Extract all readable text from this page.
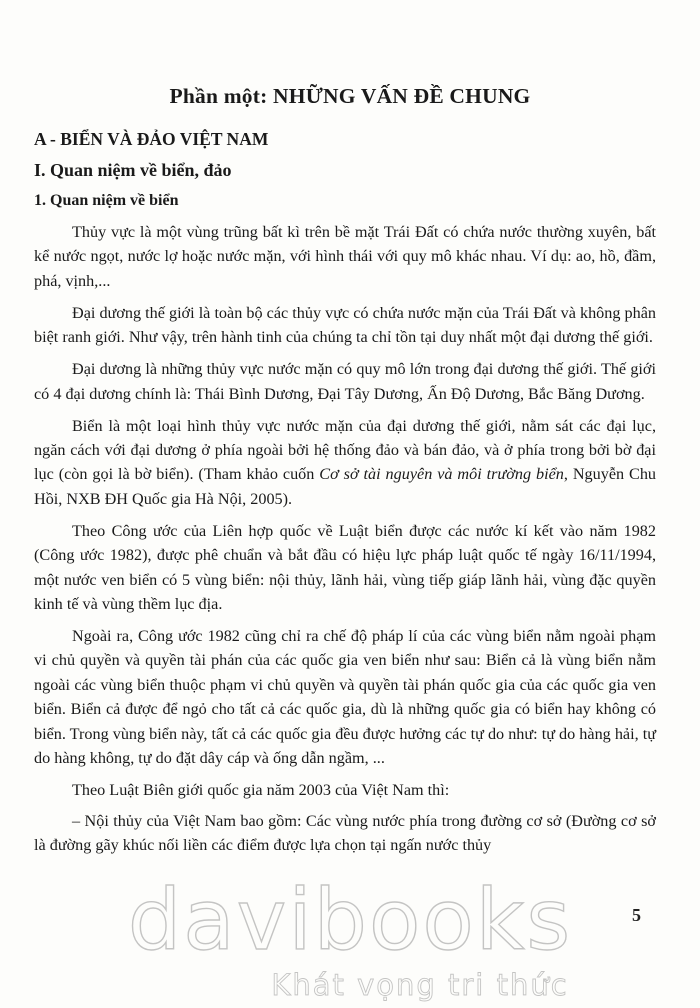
Phần một: NHỮNG VẤN ĐỀ CHUNG
A - BIỂN VÀ ĐẢO VIỆT NAM
I. Quan niệm về biển, đảo
1. Quan niệm về biển

Thủy vực là một vùng trũng bất kì trên bề mặt Trái Đất có chứa nước thường xuyên, bất kể nước ngọt, nước lợ hoặc nước mặn, với hình thái với quy mô khác nhau. Ví dụ: ao, hồ, đầm, phá, vịnh,...

Đại dương thế giới là toàn bộ các thủy vực có chứa nước mặn của Trái Đất và không phân biệt ranh giới. Như vậy, trên hành tinh của chúng ta chỉ tồn tại duy nhất một đại dương thế giới.

Đại dương là những thủy vực nước mặn có quy mô lớn trong đại dương thế giới. Thế giới có 4 đại dương chính là: Thái Bình Dương, Đại Tây Dương, Ấn Độ Dương, Bắc Băng Dương.

Biển là một loại hình thủy vực nước mặn của đại dương thế giới, nằm sát các đại lục, ngăn cách với đại dương ở phía ngoài bởi hệ thống đảo và bán đảo, và ở phía trong bởi bờ đại lục (còn gọi là bờ biển). (Tham khảo cuốn Cơ sở tài nguyên và môi trường biển, Nguyễn Chu Hồi, NXB ĐH Quốc gia Hà Nội, 2005).

Theo Công ước của Liên hợp quốc về Luật biển được các nước kí kết vào năm 1982 (Công ước 1982), được phê chuẩn và bắt đầu có hiệu lực pháp luật quốc tế ngày 16/11/1994, một nước ven biển có 5 vùng biển: nội thủy, lãnh hải, vùng tiếp giáp lãnh hải, vùng đặc quyền kinh tế và vùng thềm lục địa.

Ngoài ra, Công ước 1982 cũng chỉ ra chế độ pháp lí của các vùng biển nằm ngoài phạm vi chủ quyền và quyền tài phán của các quốc gia ven biển như sau: Biển cả là vùng biển nằm ngoài các vùng biển thuộc phạm vi chủ quyền và quyền tài phán quốc gia của các quốc gia ven biển. Biển cả được để ngỏ cho tất cả các quốc gia, dù là những quốc gia có biển hay không có biển. Trong vùng biển này, tất cả các quốc gia đều được hưởng các tự do như: tự do hàng hải, tự do hàng không, tự do đặt dây cáp và ống dẫn ngầm, ...

Theo Luật Biên giới quốc gia năm 2003 của Việt Nam thì:

– Nội thủy của Việt Nam bao gồm: Các vùng nước phía trong đường cơ sở (Đường cơ sở là đường gãy khúc nối liền các điểm được lựa chọn tại ngấn nước thủy

davibooks
Khát vọng tri thức
5
